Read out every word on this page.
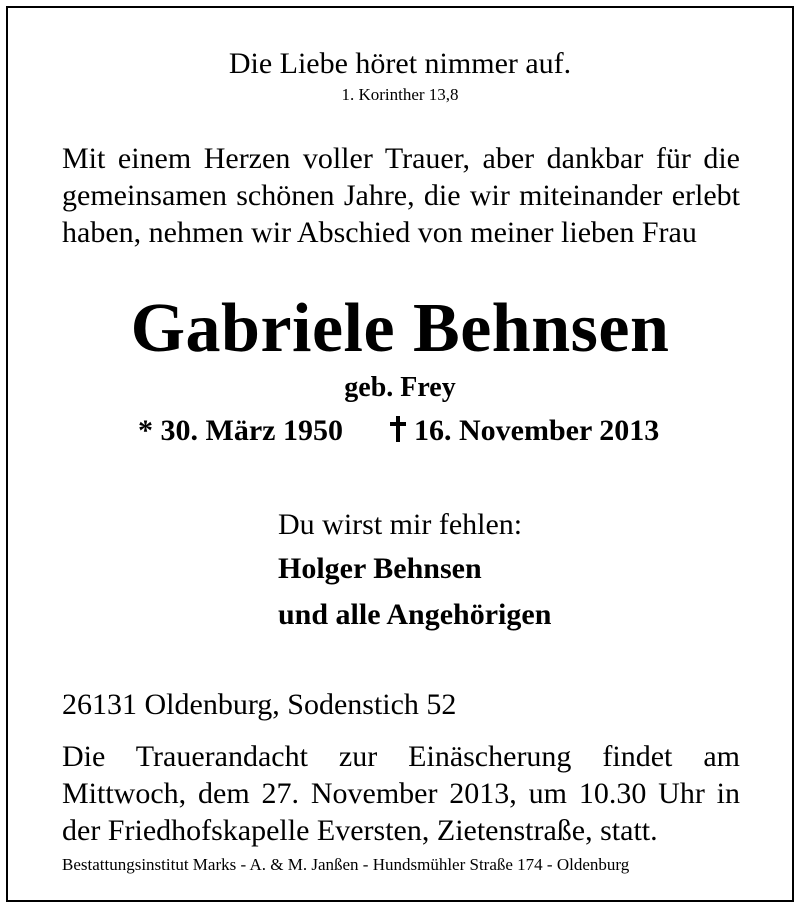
Die Liebe höret nimmer auf.

1. Korinther 13,8

Mit einem Herzen voller Trauer, aber dankbar für die
gemeinsamen schönen Jahre, die wir miteinander erlebt
haben, nehmen wir Abschied von meiner lieben Frau
Gabriele Behnsen

geb. Frey

* 30. März 1950	16. November 2013

Du wirst mir fehlen:

Holger Behnsen

und alle Angehörigen

26131 Oldenburg, Sodenstich 52

Die Trauerandacht zur Einäscherung findet am
Mittwoch, dem 27. November 2013, um 10.30 Uhr in
der Friedhofskapelle Eversten, Zietenstraße, statt.

Bestattungsinstitut Marks - A. & M. Janßen - Hundsmühler Straße 174 - Oldenburg
